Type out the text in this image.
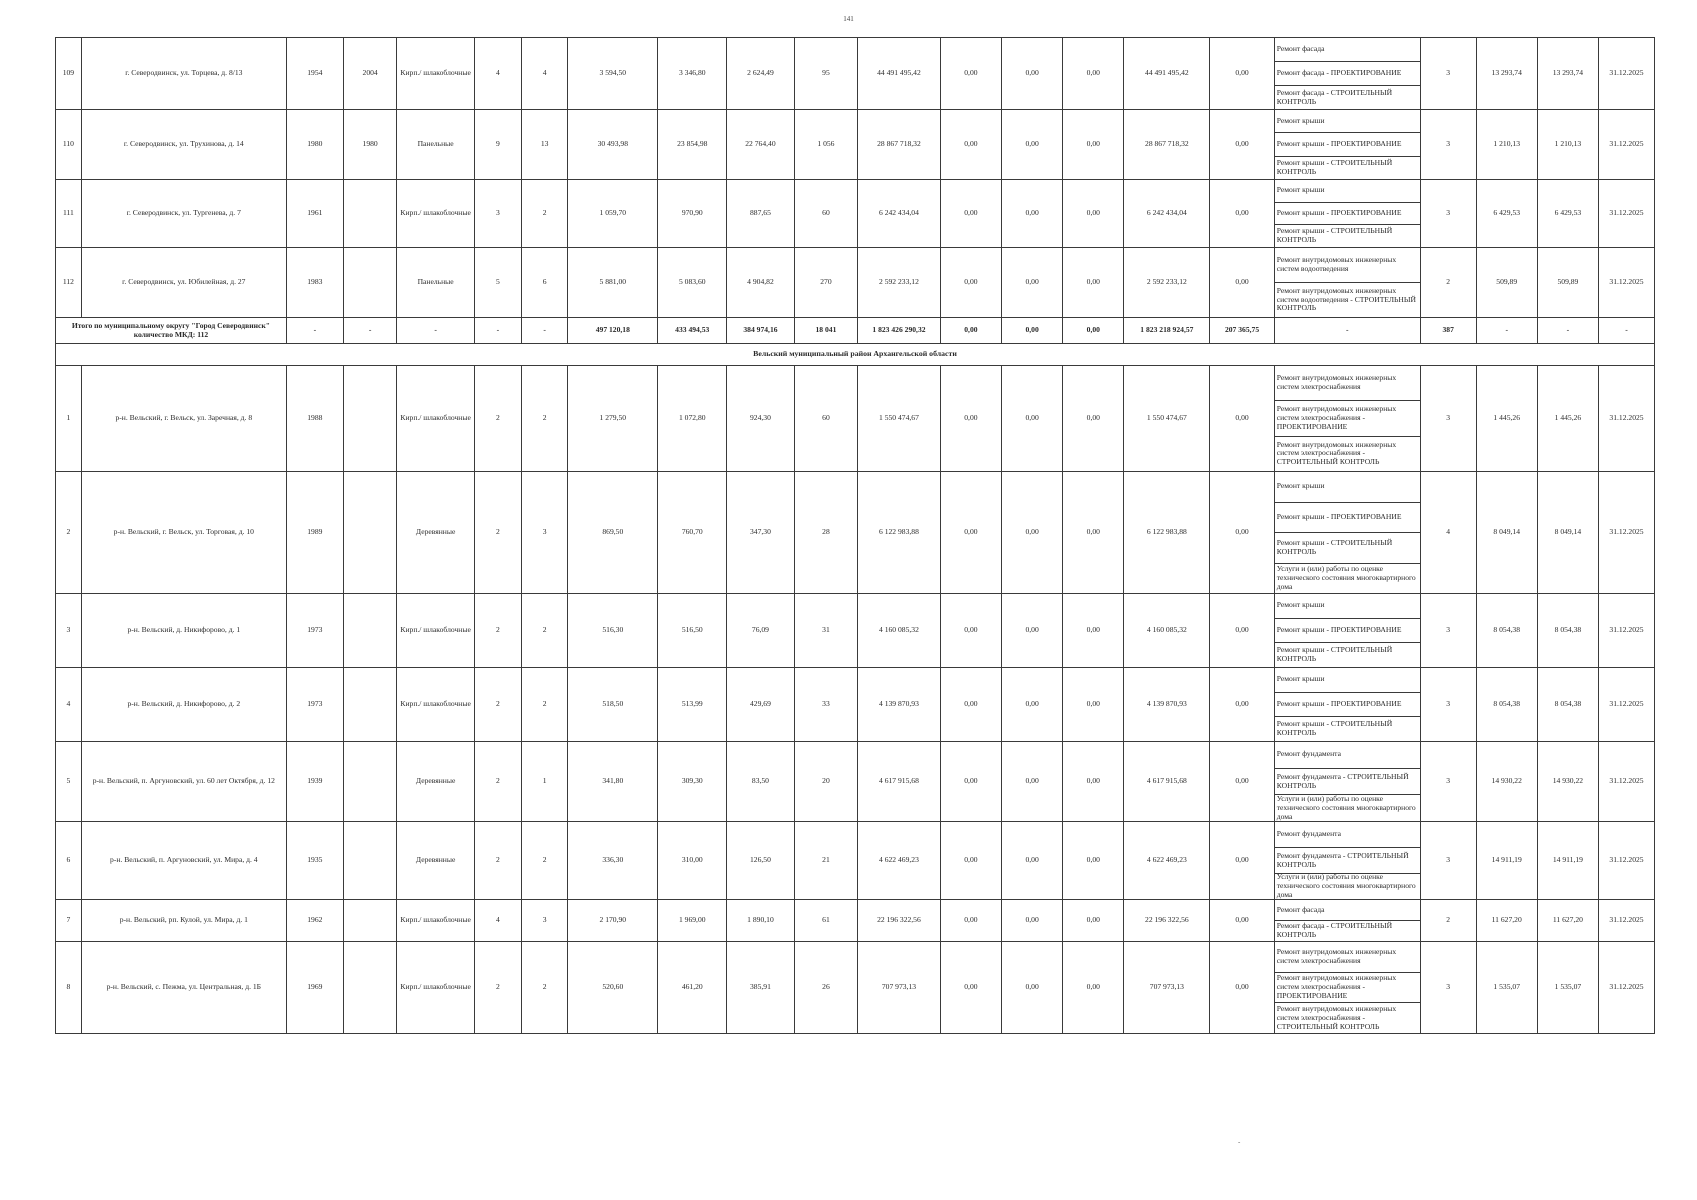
141
109	г. Северодвинск, ул. Торцева, д. 8/13	1954	2004	Кирп./ шлакоблочные	4	4	3 594,50	3 346,80	2 624,49	95	44 491 495,42	0,00	0,00	0,00	44 491 495,42	0,00	Ремонт фасада
Ремонт фасада - ПРОЕКТИРОВАНИЕ
Ремонт фасада - СТРОИТЕЛЬНЫЙ КОНТРОЛЬ	3	13 293,74	13 293,74	31.12.2025
110	г. Северодвинск, ул. Трухинова, д. 14	1980	1980	Панельные	9	13	30 493,98	23 854,98	22 764,40	1 056	28 867 718,32	0,00	0,00	0,00	28 867 718,32	0,00	Ремонт крыши
Ремонт крыши - ПРОЕКТИРОВАНИЕ
Ремонт крыши - СТРОИТЕЛЬНЫЙ КОНТРОЛЬ	3	1 210,13	1 210,13	31.12.2025
111	г. Северодвинск, ул. Тургенева, д. 7	1961		Кирп./ шлакоблочные	3	2	1 059,70	970,90	887,65	60	6 242 434,04	0,00	0,00	0,00	6 242 434,04	0,00	Ремонт крыши
Ремонт крыши - ПРОЕКТИРОВАНИЕ
Ремонт крыши - СТРОИТЕЛЬНЫЙ КОНТРОЛЬ	3	6 429,53	6 429,53	31.12.2025
112	г. Северодвинск, ул. Юбилейная, д. 27	1983		Панельные	5	6	5 881,00	5 083,60	4 904,82	270	2 592 233,12	0,00	0,00	0,00	2 592 233,12	0,00	Ремонт внутридомовых инженерных систем водоотведения
Ремонт внутридомовых инженерных систем водоотведения - СТРОИТЕЛЬНЫЙ КОНТРОЛЬ	2	509,89	509,89	31.12.2025
Итого по муниципальному округу "Город Северодвинск" количество МКД: 112		-	-	-	-	-	497 120,18	433 494,53	384 974,16	18 041	1 823 426 290,32	0,00	0,00	0,00	1 823 218 924,57	207 365,75	-	387	-	-	-
Вельский муниципальный район Архангельской области																					
1	р-н. Вельский, г. Вельск, ул. Заречная, д. 8	1988		Кирп./ шлакоблочные	2	2	1 279,50	1 072,80	924,30	60	1 550 474,67	0,00	0,00	0,00	1 550 474,67	0,00	Ремонт внутридомовых инженерных систем электроснабжения
Ремонт внутридомовых инженерных систем электроснабжения - ПРОЕКТИРОВАНИЕ
Ремонт внутридомовых инженерных систем электроснабжения - СТРОИТЕЛЬНЫЙ КОНТРОЛЬ	3	1 445,26	1 445,26	31.12.2025
2	р-н. Вельский, г. Вельск, ул. Торговая, д. 10	1989		Деревянные	2	3	869,50	760,70	347,30	28	6 122 983,88	0,00	0,00	0,00	6 122 983,88	0,00	Ремонт крыши
Ремонт крыши - ПРОЕКТИРОВАНИЕ
Ремонт крыши - СТРОИТЕЛЬНЫЙ КОНТРОЛЬ
Услуги и (или) работы по оценке технического состояния многоквартирного дома	4	8 049,14	8 049,14	31.12.2025
3	р-н. Вельский, д. Никифорово, д. 1	1973		Кирп./ шлакоблочные	2	2	516,30	516,50	76,09	31	4 160 085,32	0,00	0,00	0,00	4 160 085,32	0,00	Ремонт крыши
Ремонт крыши - ПРОЕКТИРОВАНИЕ
Ремонт крыши - СТРОИТЕЛЬНЫЙ КОНТРОЛЬ	3	8 054,38	8 054,38	31.12.2025
4	р-н. Вельский, д. Никифорово, д. 2	1973		Кирп./ шлакоблочные	2	2	518,50	513,99	429,69	33	4 139 870,93	0,00	0,00	0,00	4 139 870,93	0,00	Ремонт крыши
Ремонт крыши - ПРОЕКТИРОВАНИЕ
Ремонт крыши - СТРОИТЕЛЬНЫЙ КОНТРОЛЬ	3	8 054,38	8 054,38	31.12.2025
5	р-н. Вельский, п. Аргуновский, ул. 60 лет Октября, д. 12	1939		Деревянные	2	1	341,80	309,30	83,50	20	4 617 915,68	0,00	0,00	0,00	4 617 915,68	0,00	Ремонт фундамента
Ремонт фундамента - СТРОИТЕЛЬНЫЙ КОНТРОЛЬ
Услуги и (или) работы по оценке технического состояния многоквартирного дома	3	14 930,22	14 930,22	31.12.2025
6	р-н. Вельский, п. Аргуновский, ул. Мира, д. 4	1935		Деревянные	2	2	336,30	310,00	126,50	21	4 622 469,23	0,00	0,00	0,00	4 622 469,23	0,00	Ремонт фундамента
Ремонт фундамента - СТРОИТЕЛЬНЫЙ КОНТРОЛЬ
Услуги и (или) работы по оценке технического состояния многоквартирного дома	3	14 911,19	14 911,19	31.12.2025
7	р-н. Вельский, рп. Кулой, ул. Мира, д. 1	1962		Кирп./ шлакоблочные	4	3	2 170,90	1 969,00	1 890,10	61	22 196 322,56	0,00	0,00	0,00	22 196 322,56	0,00	Ремонт фасада
Ремонт фасада - СТРОИТЕЛЬНЫЙ КОНТРОЛЬ	2	11 627,20	11 627,20	31.12.2025
8	р-н. Вельский, с. Пежма, ул. Центральная, д. 1Б	1969		Кирп./ шлакоблочные	2	2	520,60	461,20	385,91	26	707 973,13	0,00	0,00	0,00	707 973,13	0,00	Ремонт внутридомовых инженерных систем электроснабжения
Ремонт внутридомовых инженерных систем электроснабжения - ПРОЕКТИРОВАНИЕ
Ремонт внутридомовых инженерных систем электроснабжения - СТРОИТЕЛЬНЫЙ КОНТРОЛЬ	3	1 535,07	1 535,07	31.12.2025
-
